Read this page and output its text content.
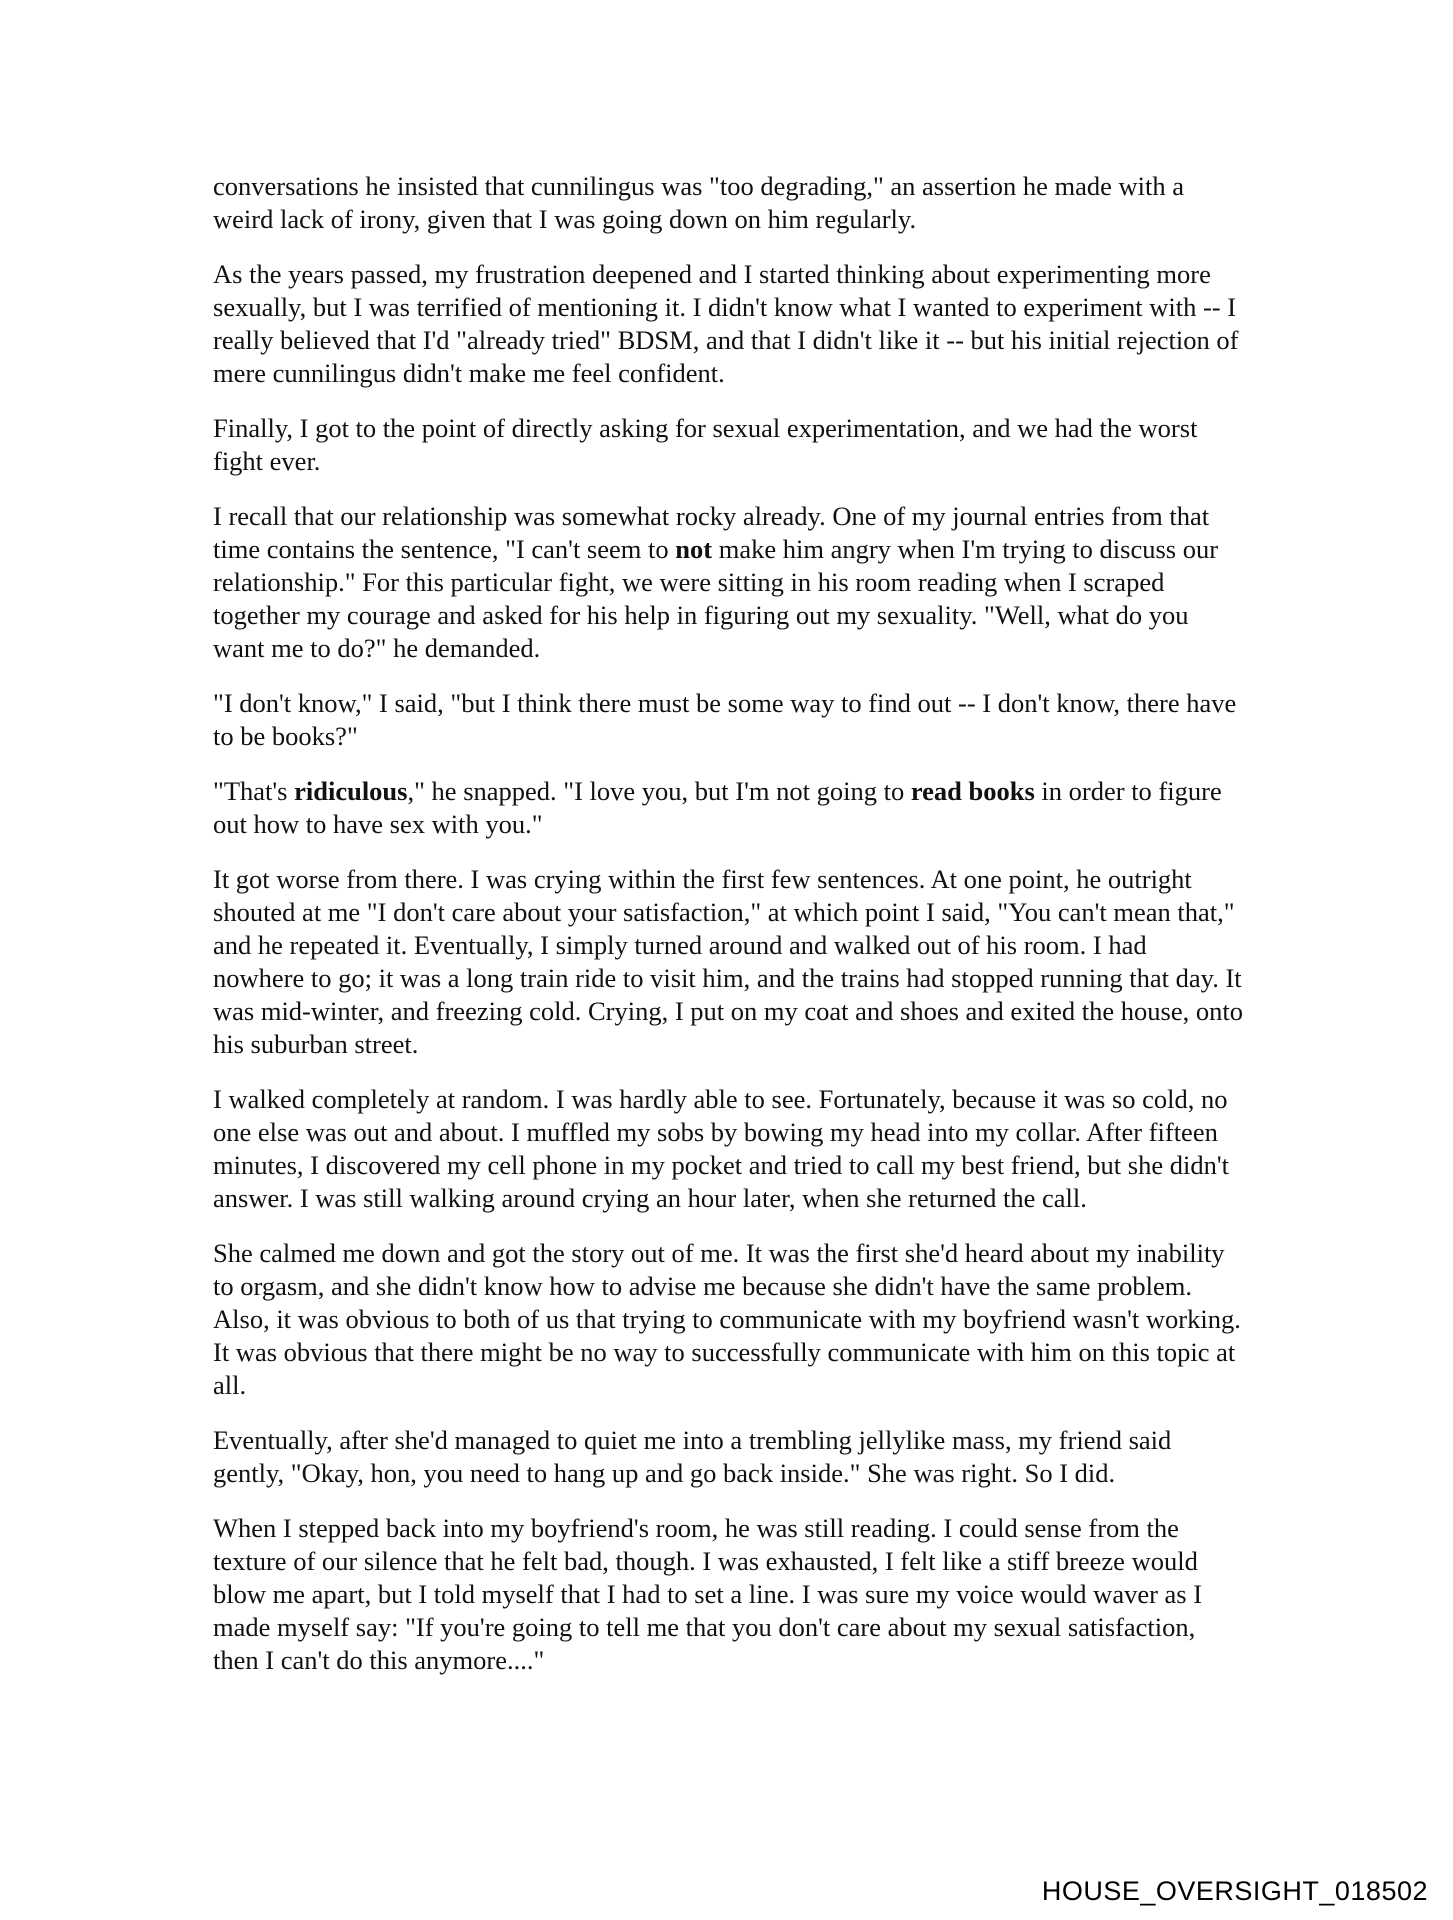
conversations he insisted that cunnilingus was "too degrading," an assertion he made with a weird lack of irony, given that I was going down on him regularly.

As the years passed, my frustration deepened and I started thinking about experimenting more sexually, but I was terrified of mentioning it. I didn't know what I wanted to experiment with -- I really believed that I'd "already tried" BDSM, and that I didn't like it -- but his initial rejection of mere cunnilingus didn't make me feel confident.

Finally, I got to the point of directly asking for sexual experimentation, and we had the worst fight ever.

I recall that our relationship was somewhat rocky already. One of my journal entries from that time contains the sentence, "I can't seem to not make him angry when I'm trying to discuss our relationship." For this particular fight, we were sitting in his room reading when I scraped together my courage and asked for his help in figuring out my sexuality. "Well, what do you want me to do?" he demanded.

"I don't know," I said, "but I think there must be some way to find out -- I don't know, there have to be books?"

"That's ridiculous," he snapped. "I love you, but I'm not going to read books in order to figure out how to have sex with you."

It got worse from there. I was crying within the first few sentences. At one point, he outright shouted at me "I don't care about your satisfaction," at which point I said, "You can't mean that," and he repeated it. Eventually, I simply turned around and walked out of his room. I had nowhere to go; it was a long train ride to visit him, and the trains had stopped running that day. It was mid-winter, and freezing cold. Crying, I put on my coat and shoes and exited the house, onto his suburban street.

I walked completely at random. I was hardly able to see. Fortunately, because it was so cold, no one else was out and about. I muffled my sobs by bowing my head into my collar. After fifteen minutes, I discovered my cell phone in my pocket and tried to call my best friend, but she didn't answer. I was still walking around crying an hour later, when she returned the call.

She calmed me down and got the story out of me. It was the first she'd heard about my inability to orgasm, and she didn't know how to advise me because she didn't have the same problem. Also, it was obvious to both of us that trying to communicate with my boyfriend wasn't working. It was obvious that there might be no way to successfully communicate with him on this topic at all.

Eventually, after she'd managed to quiet me into a trembling jellylike mass, my friend said gently, "Okay, hon, you need to hang up and go back inside." She was right. So I did.

When I stepped back into my boyfriend's room, he was still reading. I could sense from the texture of our silence that he felt bad, though. I was exhausted, I felt like a stiff breeze would blow me apart, but I told myself that I had to set a line. I was sure my voice would waver as I made myself say: "If you're going to tell me that you don't care about my sexual satisfaction, then I can't do this anymore...."

HOUSE_OVERSIGHT_018502
